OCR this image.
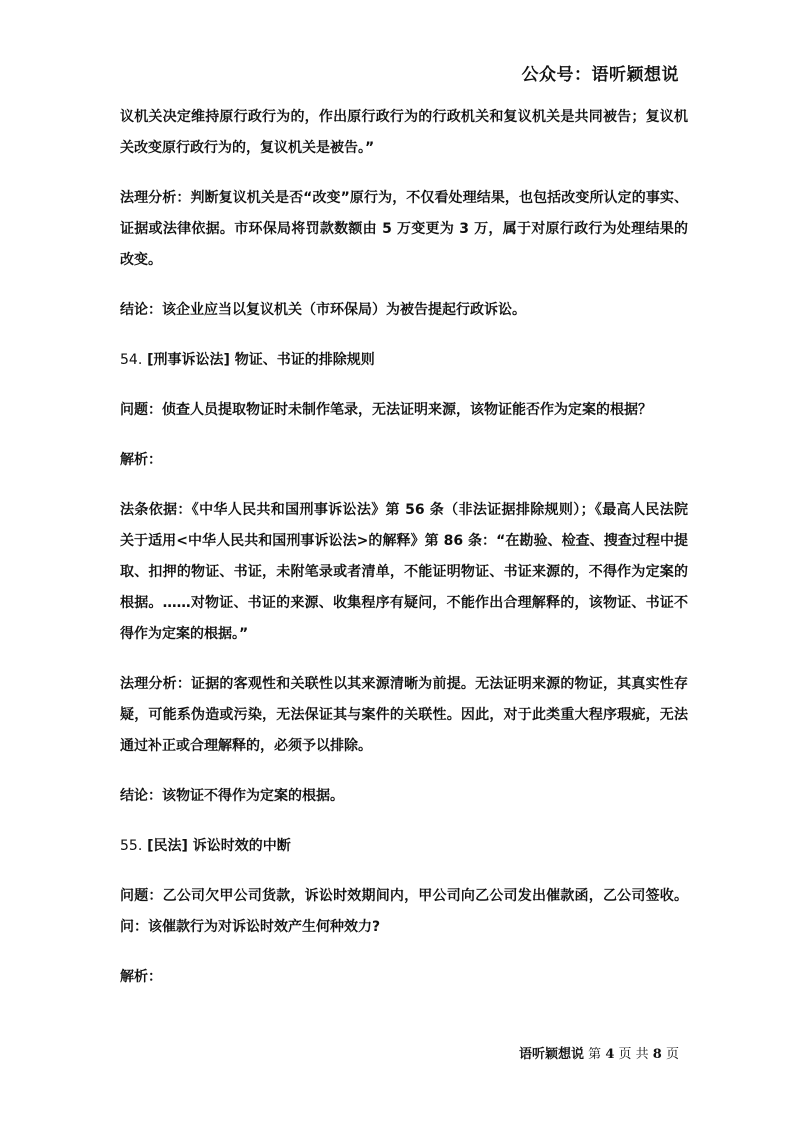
公众号：语听颖想说

议机关决定维持原行政行为的，作出原行政行为的行政机关和复议机关是共同被告；复议机关改变原行政行为的，复议机关是被告。”

法理分析：判断复议机关是否“改变”原行为，不仅看处理结果，也包括改变所认定的事实、证据或法律依据。市环保局将罚款数额由 5 万变更为 3 万，属于对原行政行为处理结果的改变。

结论：该企业应当以复议机关（市环保局）为被告提起行政诉讼。

54. [刑事诉讼法] 物证、书证的排除规则

问题：侦查人员提取物证时未制作笔录，无法证明来源，该物证能否作为定案的根据？

解析：

法条依据：《中华人民共和国刑事诉讼法》第 56 条（非法证据排除规则）；《最高人民法院关于适用<中华人民共和国刑事诉讼法>的解释》第 86 条：“在勘验、检查、搜查过程中提取、扣押的物证、书证，未附笔录或者清单，不能证明物证、书证来源的，不得作为定案的根据。……对物证、书证的来源、收集程序有疑问，不能作出合理解释的，该物证、书证不得作为定案的根据。”

法理分析：证据的客观性和关联性以其来源清晰为前提。无法证明来源的物证，其真实性存疑，可能系伪造或污染，无法保证其与案件的关联性。因此，对于此类重大程序瑕疵，无法通过补正或合理解释的，必须予以排除。

结论：该物证不得作为定案的根据。

55. [民法] 诉讼时效的中断

问题：乙公司欠甲公司货款，诉讼时效期间内，甲公司向乙公司发出催款函，乙公司签收。问：该催款行为对诉讼时效产生何种效力?

解析：

语听颖想说 第 4 页 共 8 页
